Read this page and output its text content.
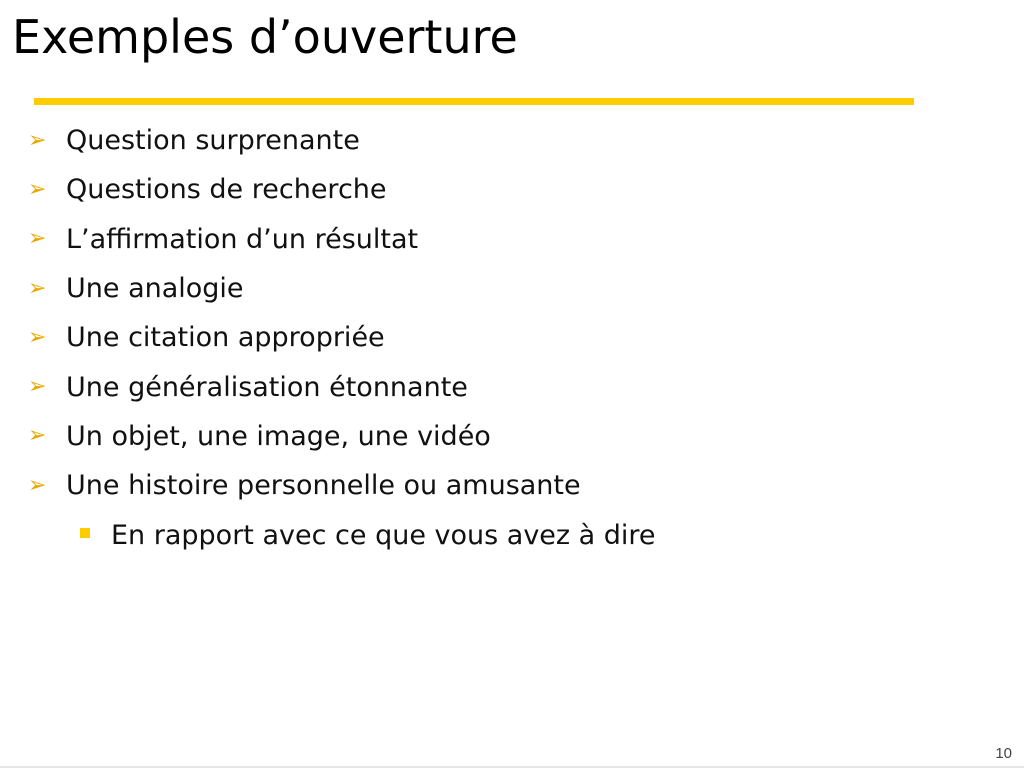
Exemples d’ouverture
➢ Question surprenante
➢ Questions de recherche
➢ L’affirmation d’un résultat
➢ Une analogie
➢ Une citation appropriée
➢ Une généralisation étonnante
➢ Un objet, une image, une vidéo
➢ Une histoire personnelle ou amusante
En rapport avec ce que vous avez à dire
10
